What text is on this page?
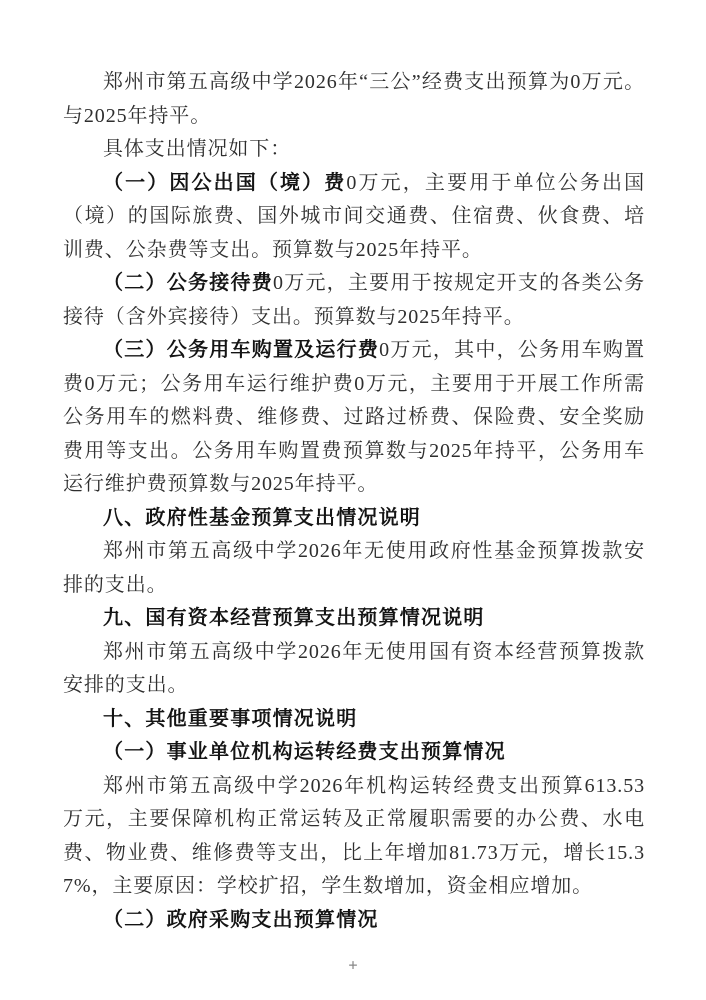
郑州市第五高级中学2026年“三公”经费支出预算为0万元。与2025年持平。

具体支出情况如下：

（一）因公出国（境）费0万元，主要用于单位公务出国（境）的国际旅费、国外城市间交通费、住宿费、伙食费、培训费、公杂费等支出。预算数与2025年持平。

（二）公务接待费0万元，主要用于按规定开支的各类公务接待（含外宾接待）支出。预算数与2025年持平。

（三）公务用车购置及运行费0万元，其中，公务用车购置费0万元；公务用车运行维护费0万元，主要用于开展工作所需公务用车的燃料费、维修费、过路过桥费、保险费、安全奖励费用等支出。公务用车购置费预算数与2025年持平，公务用车运行维护费预算数与2025年持平。

八、政府性基金预算支出情况说明

郑州市第五高级中学2026年无使用政府性基金预算拨款安排的支出。

九、国有资本经营预算支出预算情况说明

郑州市第五高级中学2026年无使用国有资本经营预算拨款安排的支出。

十、其他重要事项情况说明

（一）事业单位机构运转经费支出预算情况

郑州市第五高级中学2026年机构运转经费支出预算613.53万元，主要保障机构正常运转及正常履职需要的办公费、水电费、物业费、维修费等支出，比上年增加81.73万元，增长15.37%，主要原因：学校扩招，学生数增加，资金相应增加。

（二）政府采购支出预算情况

+
